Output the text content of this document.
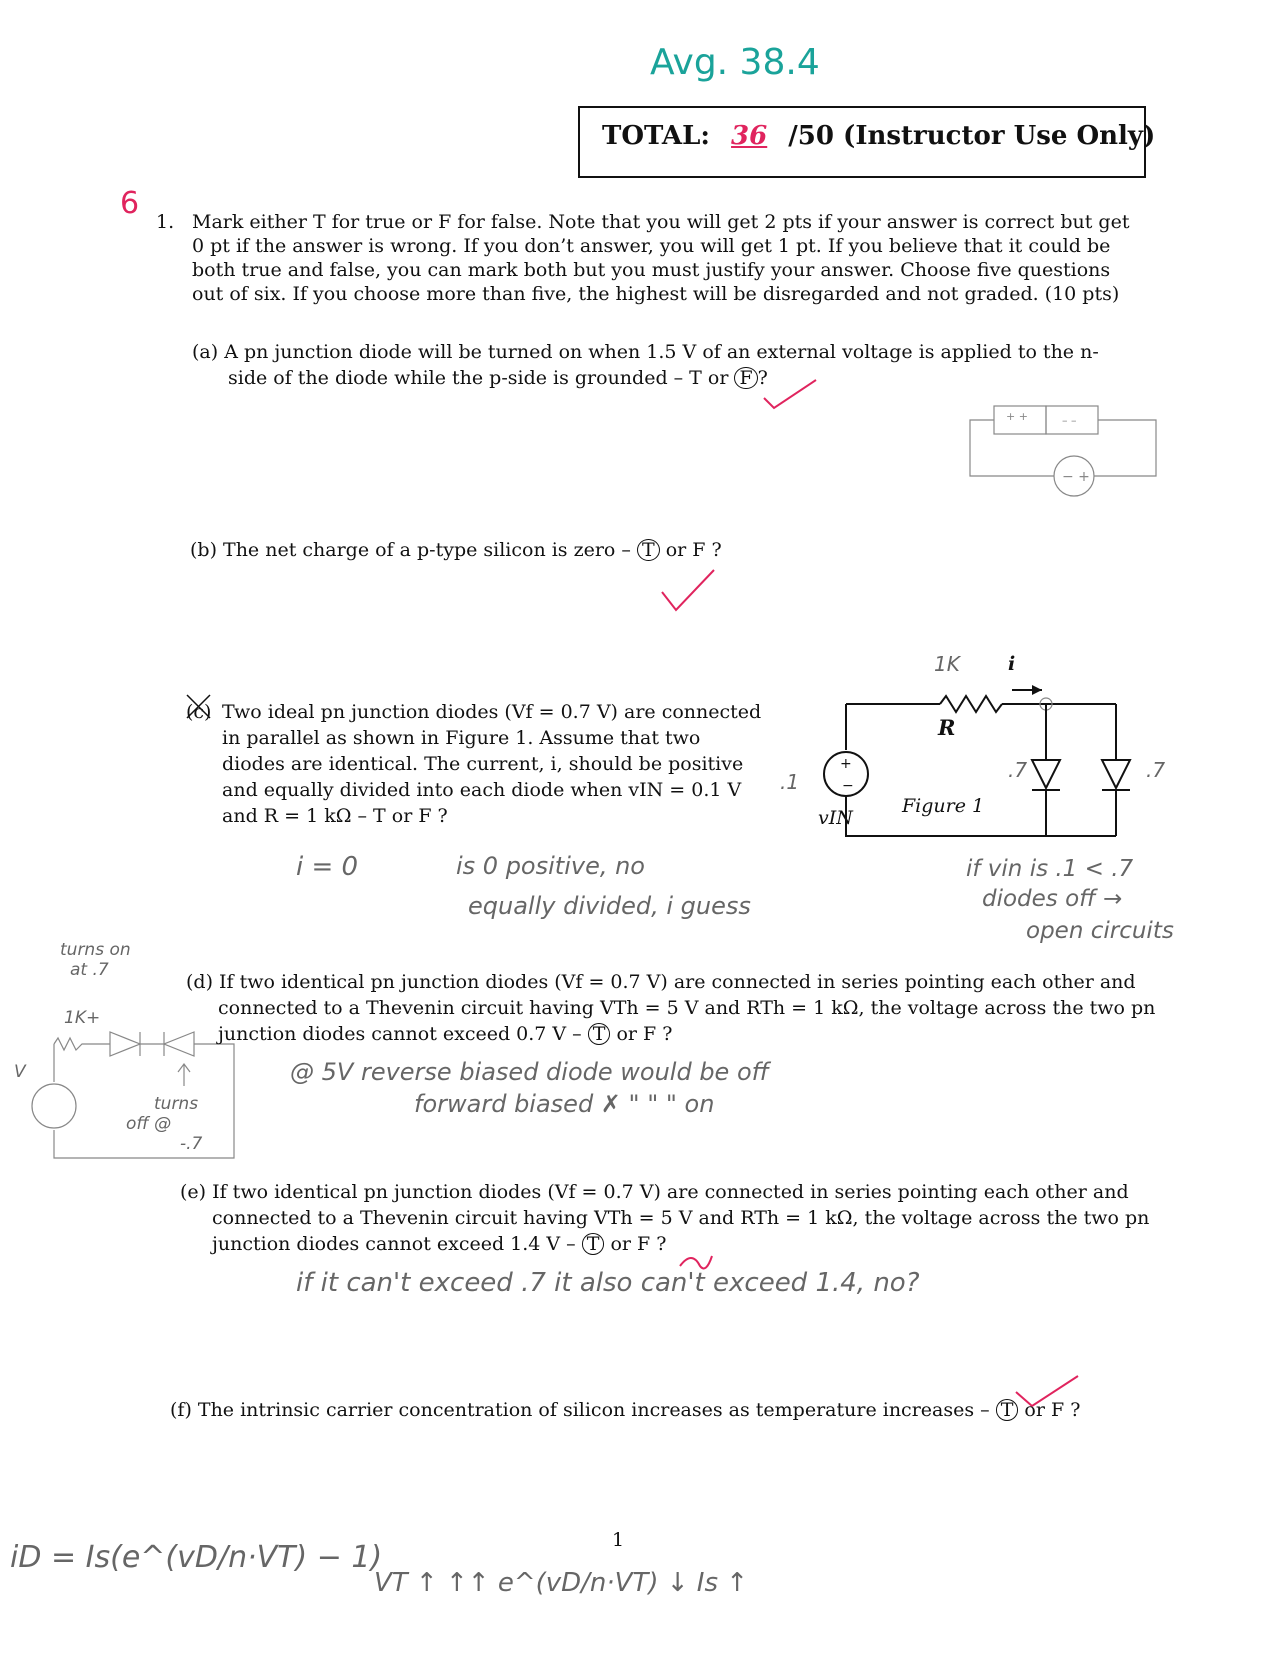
Avg. 38.4
TOTAL: 36 /50 (Instructor Use Only)
6
1. Mark either T for true or F for false. Note that you will get 2 pts if your answer is correct but get
0 pt if the answer is wrong. If you don’t answer, you will get 1 pt. If you believe that it could be
both true and false, you can mark both but you must justify your answer. Choose five questions
out of six. If you choose more than five, the highest will be disregarded and not graded. (10 pts)
(a) A pn junction diode will be turned on when 1.5 V of an external voltage is applied to the n-
side of the diode while the p-side is grounded – T or F ?
− +
+ +	– –
(b) The net charge of a p-type silicon is zero – T or F ?
(c) Two ideal pn junction diodes (Vf = 0.7 V) are connected
in parallel as shown in Figure 1. Assume that two
diodes are identical. The current, i, should be positive
and equally divided into each diode when vIN = 0.1 V
and R = 1 kΩ – T or F ?
i = 0	is 0 positive, no
equally divided, i guess
if vin is .1 < .7
diodes off →
open circuits
+
−
1K	i
R
vIN
.1
Figure 1
.7	.7
turns on
at .7
1K+
turns
off @
-.7
V
(d) If two identical pn junction diodes (Vf = 0.7 V) are connected in series pointing each other and
connected to a Thevenin circuit having VTh = 5 V and RTh = 1 kΩ, the voltage across the two pn
junction diodes cannot exceed 0.7 V – T or F ?
@ 5V reverse biased diode would be off
forward biased ✗ " " " on
(e) If two identical pn junction diodes (Vf = 0.7 V) are connected in series pointing each other and
connected to a Thevenin circuit having VTh = 5 V and RTh = 1 kΩ, the voltage across the two pn
junction diodes cannot exceed 1.4 V – T or F ?
if it can't exceed .7 it also can't exceed 1.4, no?
(f) The intrinsic carrier concentration of silicon increases as temperature increases – T or F ?
iD = Is(e^(vD/n·VT) − 1)	1
VT ↑ ↑↑ e^(vD/n·VT) ↓ Is ↑
